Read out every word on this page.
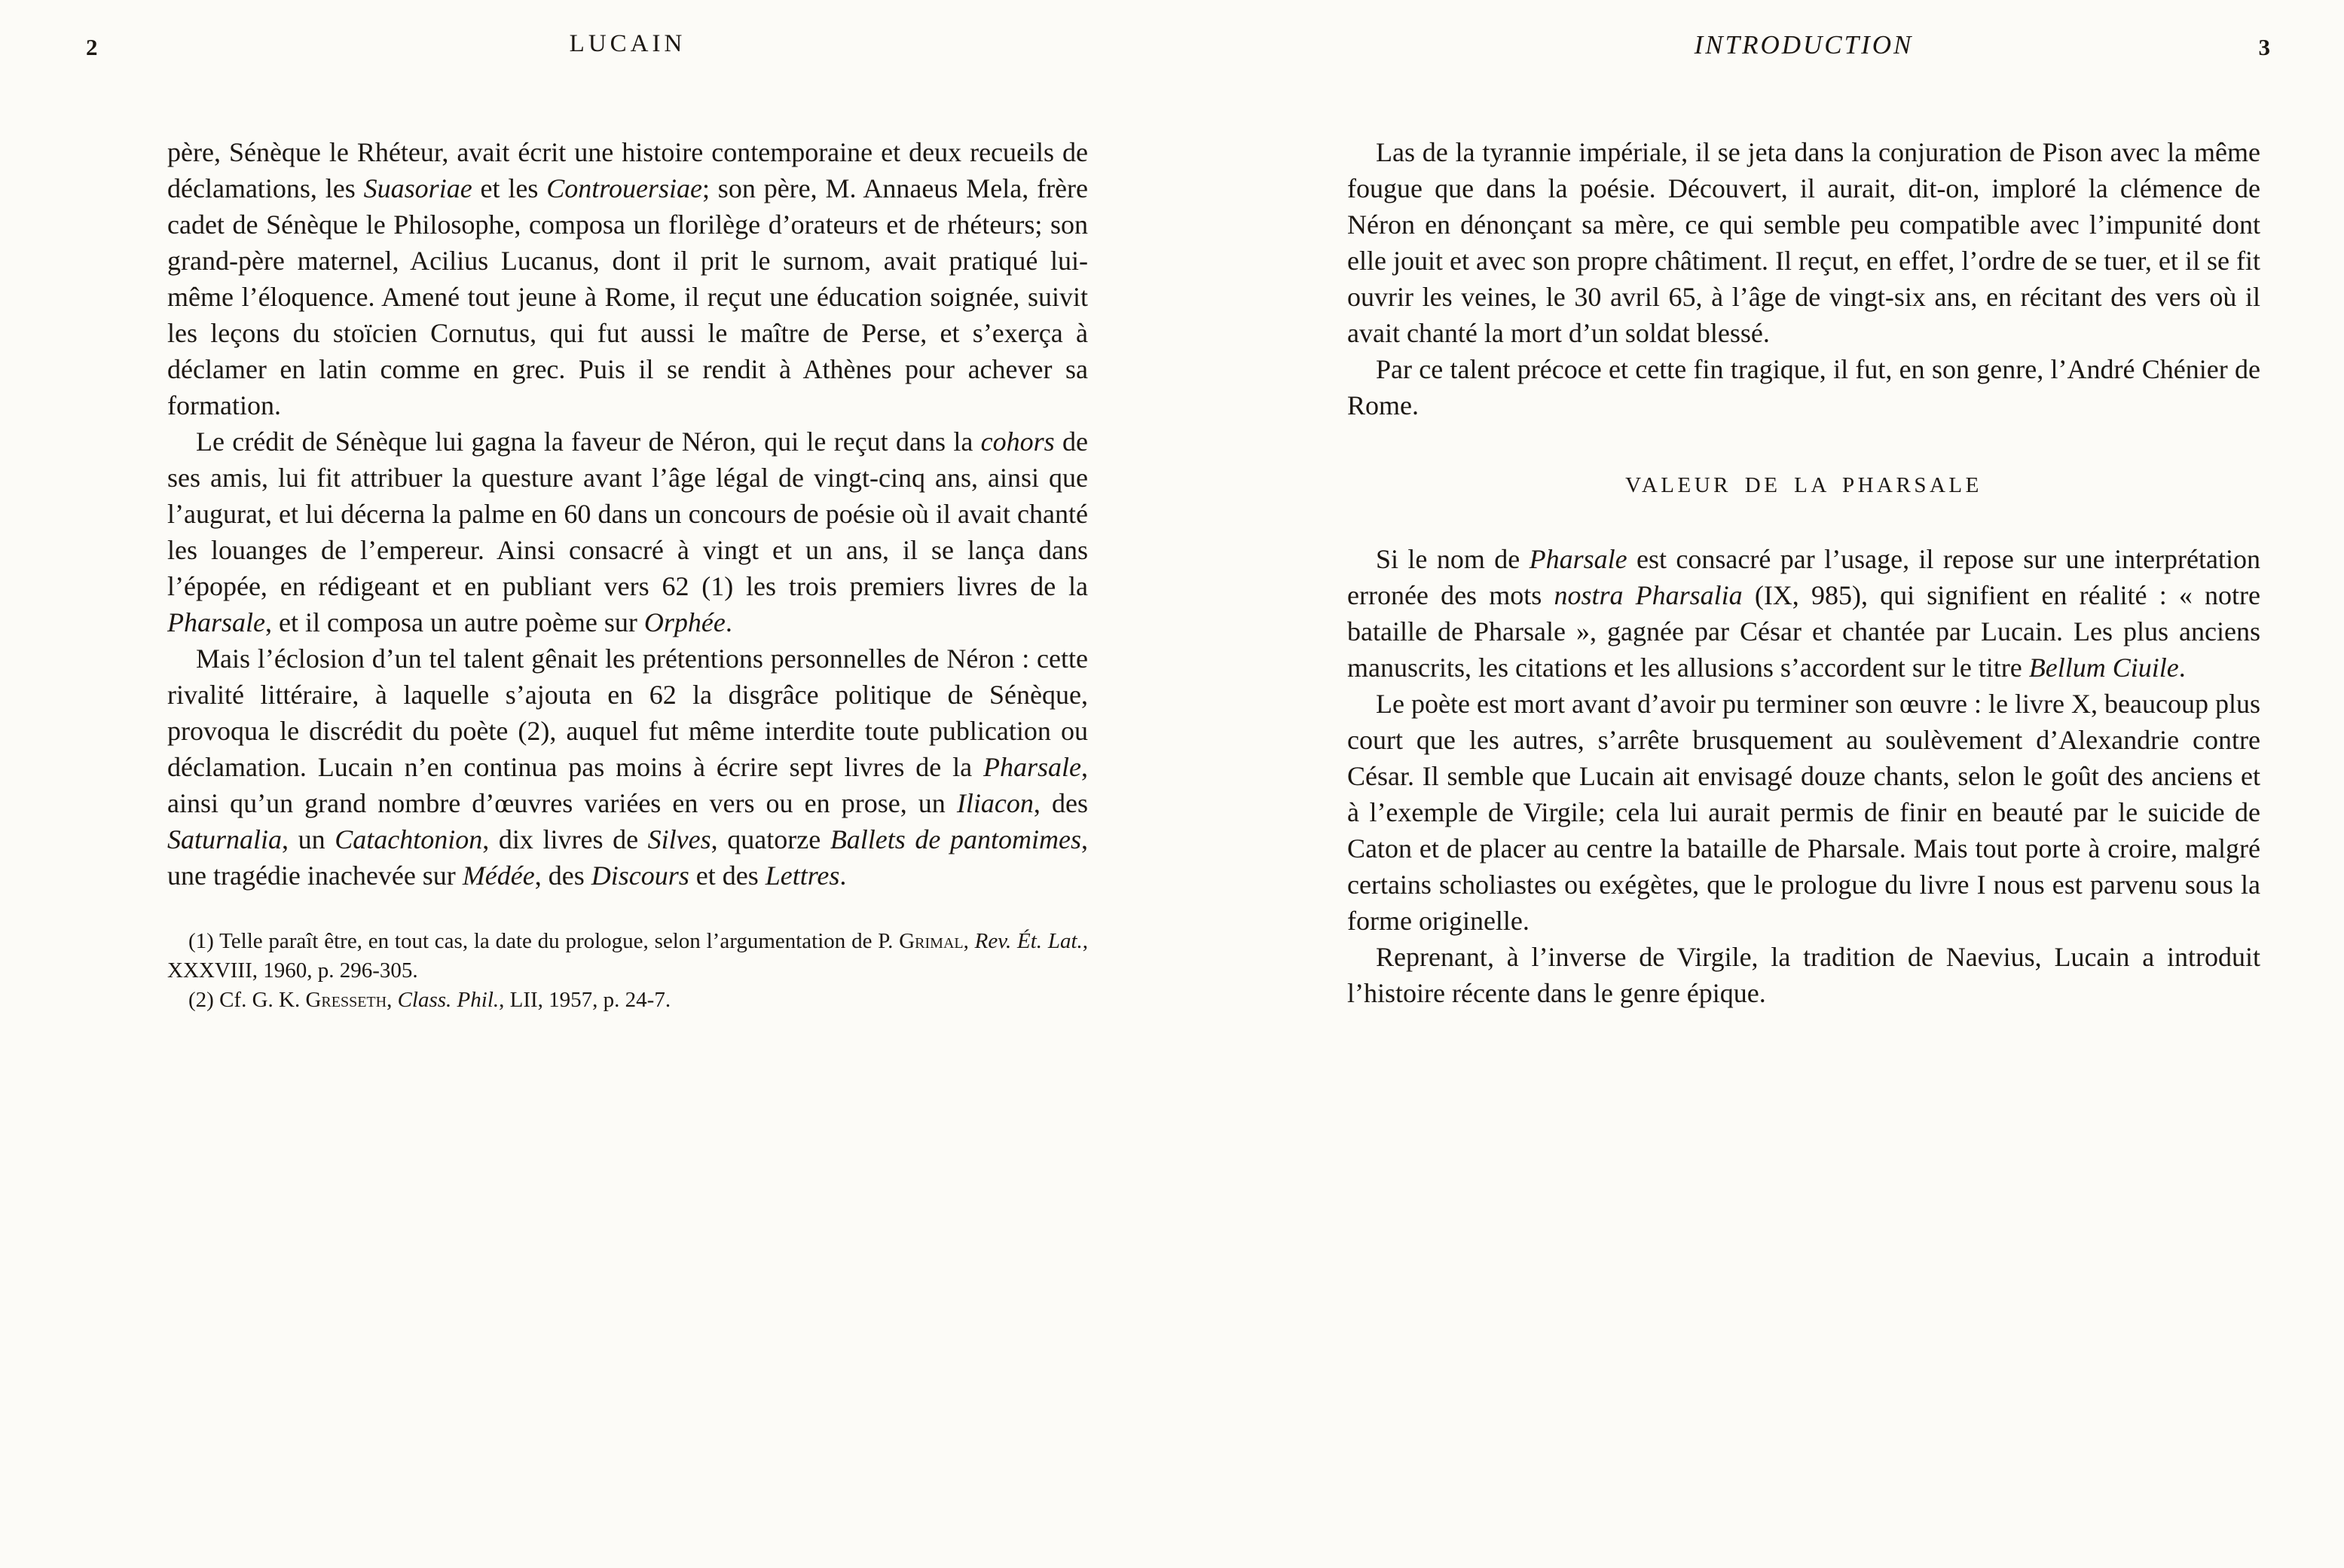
2	LUCAIN
père, Sénèque le Rhéteur, avait écrit une histoire contemporaine et deux recueils de déclamations, les Suasoriae et les Controuersiae; son père, M. Annaeus Mela, frère cadet de Sénèque le Philosophe, composa un florilège d’orateurs et de rhéteurs; son grand-père maternel, Acilius Lucanus, dont il prit le surnom, avait pratiqué lui-même l’éloquence. Amené tout jeune à Rome, il reçut une éducation soignée, suivit les leçons du stoïcien Cornutus, qui fut aussi le maître de Perse, et s’exerça à déclamer en latin comme en grec. Puis il se rendit à Athènes pour achever sa formation.
Le crédit de Sénèque lui gagna la faveur de Néron, qui le reçut dans la cohors de ses amis, lui fit attribuer la questure avant l’âge légal de vingt-cinq ans, ainsi que l’augurat, et lui décerna la palme en 60 dans un concours de poésie où il avait chanté les louanges de l’empereur. Ainsi consacré à vingt et un ans, il se lança dans l’épopée, en rédigeant et en publiant vers 62 (1) les trois premiers livres de la Pharsale, et il composa un autre poème sur Orphée.
Mais l’éclosion d’un tel talent gênait les prétentions personnelles de Néron : cette rivalité littéraire, à laquelle s’ajouta en 62 la disgrâce politique de Sénèque, provoqua le discrédit du poète (2), auquel fut même interdite toute publication ou déclamation. Lucain n’en continua pas moins à écrire sept livres de la Pharsale, ainsi qu’un grand nombre d’œuvres variées en vers ou en prose, un Iliacon, des Saturnalia, un Catachtonion, dix livres de Silves, quatorze Ballets de pantomimes, une tragédie inachevée sur Médée, des Discours et des Lettres.
(1) Telle paraît être, en tout cas, la date du prologue, selon l’argumentation de P. Grimal, Rev. Ét. Lat., XXXVIII, 1960, p. 296-305.
(2) Cf. G. K. Gresseth, Class. Phil., LII, 1957, p. 24-7.
INTRODUCTION	3
Las de la tyrannie impériale, il se jeta dans la conjuration de Pison avec la même fougue que dans la poésie. Découvert, il aurait, dit-on, imploré la clémence de Néron en dénonçant sa mère, ce qui semble peu compatible avec l’impunité dont elle jouit et avec son propre châtiment. Il reçut, en effet, l’ordre de se tuer, et il se fit ouvrir les veines, le 30 avril 65, à l’âge de vingt-six ans, en récitant des vers où il avait chanté la mort d’un soldat blessé.
Par ce talent précoce et cette fin tragique, il fut, en son genre, l’André Chénier de Rome.
VALEUR DE LA PHARSALE
Si le nom de Pharsale est consacré par l’usage, il repose sur une interprétation erronée des mots nostra Pharsalia (IX, 985), qui signifient en réalité : « notre bataille de Pharsale », gagnée par César et chantée par Lucain. Les plus anciens manuscrits, les citations et les allusions s’accordent sur le titre Bellum Ciuile.
Le poète est mort avant d’avoir pu terminer son œuvre : le livre X, beaucoup plus court que les autres, s’arrête brusquement au soulèvement d’Alexandrie contre César. Il semble que Lucain ait envisagé douze chants, selon le goût des anciens et à l’exemple de Virgile; cela lui aurait permis de finir en beauté par le suicide de Caton et de placer au centre la bataille de Pharsale. Mais tout porte à croire, malgré certains scholiastes ou exégètes, que le prologue du livre I nous est parvenu sous la forme originelle.
Reprenant, à l’inverse de Virgile, la tradition de Naevius, Lucain a introduit l’histoire récente dans le genre épique.
